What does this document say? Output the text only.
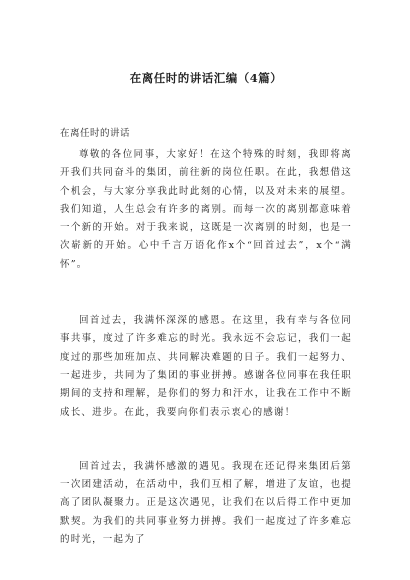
在离任时的讲话汇编（4篇）
在离任时的讲话

尊敬的各位同事，大家好！在这个特殊的时刻，我即将离开我们共同奋斗的集团，前往新的岗位任职。在此，我想借这个机会，与大家分享我此时此刻的心情，以及对未来的展望。我们知道，人生总会有许多的离别。而每一次的离别都意味着一个新的开始。对于我来说，这既是一次离别的时刻，也是一次崭新的开始。心中千言万语化作x个“回首过去”，x个“满怀”。

回首过去，我满怀深深的感恩。在这里，我有幸与各位同事共事，度过了许多难忘的时光。我永远不会忘记，我们一起度过的那些加班加点、共同解决难题的日子。我们一起努力、一起进步，共同为了集团的事业拼搏。感谢各位同事在我任职期间的支持和理解，是你们的努力和汗水，让我在工作中不断成长、进步。在此，我要向你们表示衷心的感谢！

回首过去，我满怀感激的遇见。我现在还记得来集团后第一次团建活动，在活动中，我们互相了解，增进了友谊，也提高了团队凝聚力。正是这次遇见，让我们在以后得工作中更加默契。为我们的共同事业努力拼搏。我们一起度过了许多难忘的时光，一起为了
